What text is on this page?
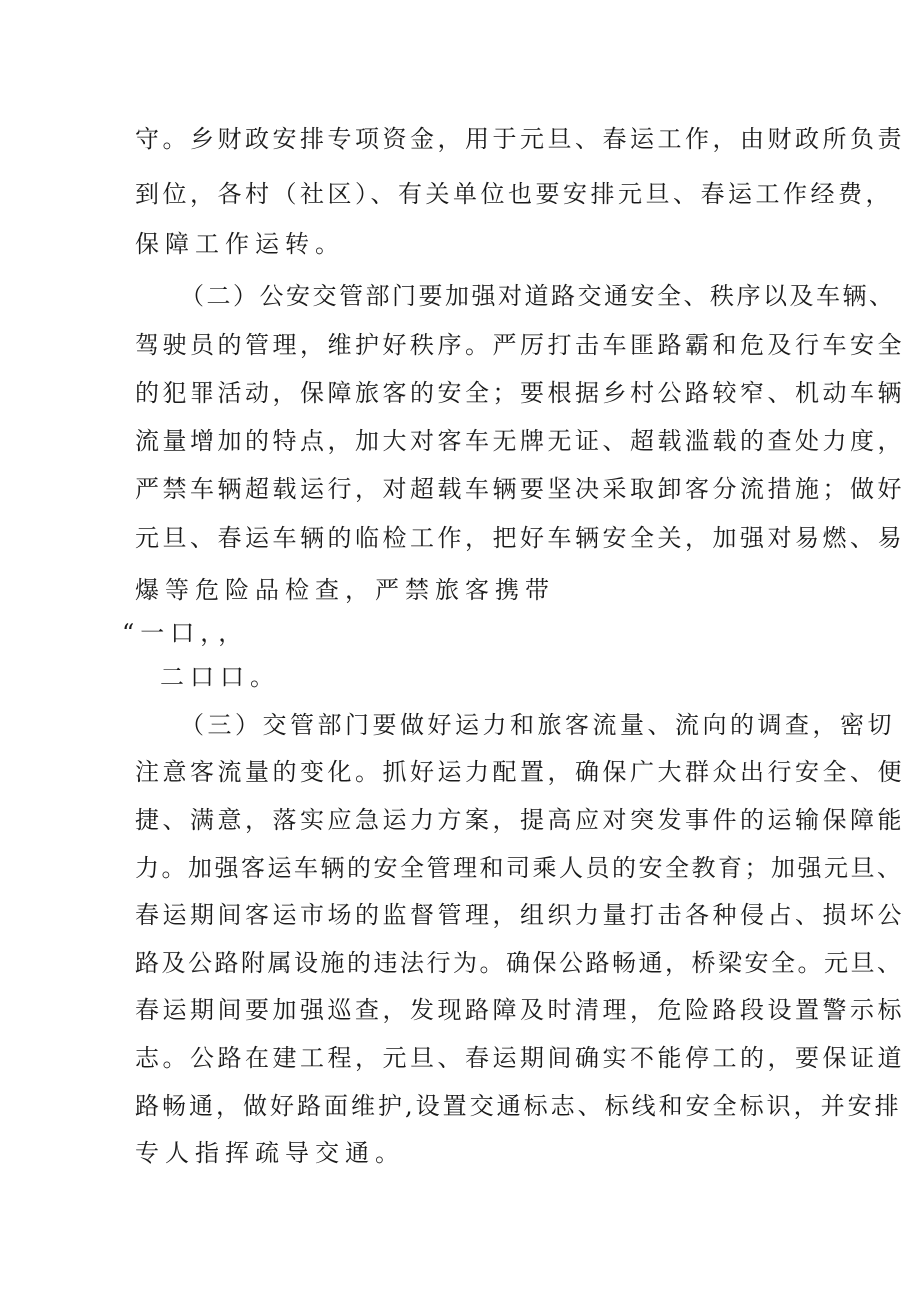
守。乡财政安排专项资金，用于元旦、春运工作，由财政所负责
到位，各村（社区）、有关单位也要安排元旦、春运工作经费，
保障工作运转。
（二）公安交管部门要加强对道路交通安全、秩序以及车辆、
驾驶员的管理，维护好秩序。严厉打击车匪路霸和危及行车安全
的犯罪活动，保障旅客的安全；要根据乡村公路较窄、机动车辆
流量增加的特点，加大对客车无牌无证、超载滥载的查处力度，
严禁车辆超载运行，对超载车辆要坚决采取卸客分流措施；做好
元旦、春运车辆的临检工作，把好车辆安全关，加强对易燃、易
爆等危险品检查，严禁旅客携带
“一口，，
二口口。
（三）交管部门要做好运力和旅客流量、流向的调查，密切
注意客流量的变化。抓好运力配置，确保广大群众出行安全、便
捷、满意，落实应急运力方案，提高应对突发事件的运输保障能
力。加强客运车辆的安全管理和司乘人员的安全教育；加强元旦、
春运期间客运市场的监督管理，组织力量打击各种侵占、损坏公
路及公路附属设施的违法行为。确保公路畅通，桥梁安全。元旦、
春运期间要加强巡查，发现路障及时清理，危险路段设置警示标
志。公路在建工程，元旦、春运期间确实不能停工的，要保证道
路畅通，做好路面维护,设置交通标志、标线和安全标识，并安排
专人指挥疏导交通。
